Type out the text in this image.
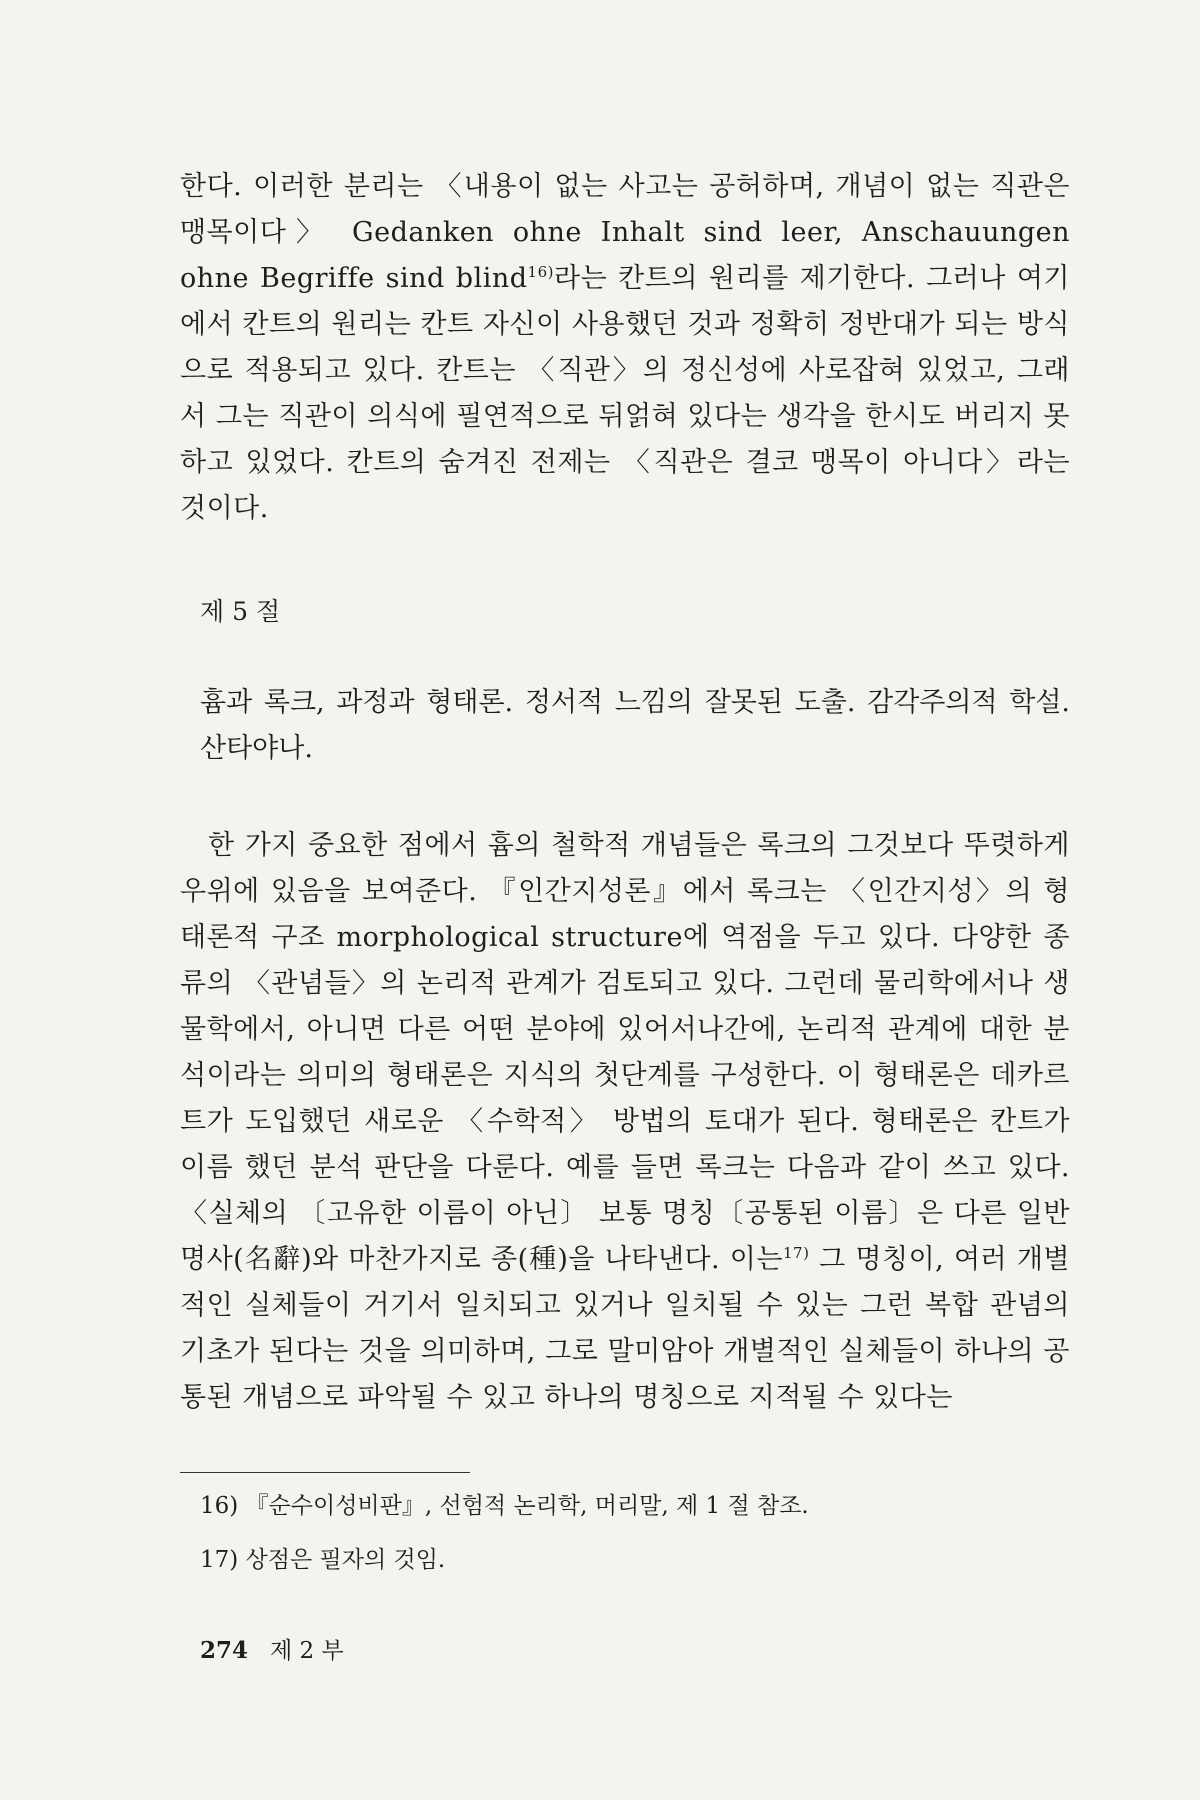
한다. 이러한 분리는 〈내용이 없는 사고는 공허하며, 개념이 없는 직관은 맹목이다〉 Gedanken ohne Inhalt sind leer, Anschauungen ohne Begriffe sind blind$^{16)}$라는 칸트의 원리를 제기한다. 그러나 여기에서 칸트의 원리는 칸트 자신이 사용했던 것과 정확히 정반대가 되는 방식으로 적용되고 있다. 칸트는 〈직관〉의 정신성에 사로잡혀 있었고, 그래서 그는 직관이 의식에 필연적으로 뒤얽혀 있다는 생각을 한시도 버리지 못하고 있었다. 칸트의 숨겨진 전제는 〈직관은 결코 맹목이 아니다〉라는 것이다.

제 5 절

흄과 록크, 과정과 형태론. 정서적 느낌의 잘못된 도출. 감각주의적 학설. 산타야나.

한 가지 중요한 점에서 흄의 철학적 개념들은 록크의 그것보다 뚜렷하게 우위에 있음을 보여준다. 『인간지성론』에서 록크는 〈인간지성〉의 형태론적 구조 morphological structure에 역점을 두고 있다. 다양한 종류의 〈관념들〉의 논리적 관계가 검토되고 있다. 그런데 물리학에서나 생물학에서, 아니면 다른 어떤 분야에 있어서나간에, 논리적 관계에 대한 분석이라는 의미의 형태론은 지식의 첫단계를 구성한다. 이 형태론은 데카르트가 도입했던 새로운 〈수학적〉 방법의 토대가 된다. 형태론은 칸트가 이름 했던 분석 판단을 다룬다. 예를 들면 록크는 다음과 같이 쓰고 있다. 〈실체의 〔고유한 이름이 아닌〕 보통 명칭〔공통된 이름〕은 다른 일반명사(名辭)와 마찬가지로 종(種)을 나타낸다. 이는$^{17)}$ 그 명칭이, 여러 개별적인 실체들이 거기서 일치되고 있거나 일치될 수 있는 그런 복합 관념의 기초가 된다는 것을 의미하며, 그로 말미암아 개별적인 실체들이 하나의 공통된 개념으로 파악될 수 있고 하나의 명칭으로 지적될 수 있다는

16) 『순수이성비판』, 선험적 논리학, 머리말, 제 1 절 참조.

17) 상점은 필자의 것임.

274 제 2 부
